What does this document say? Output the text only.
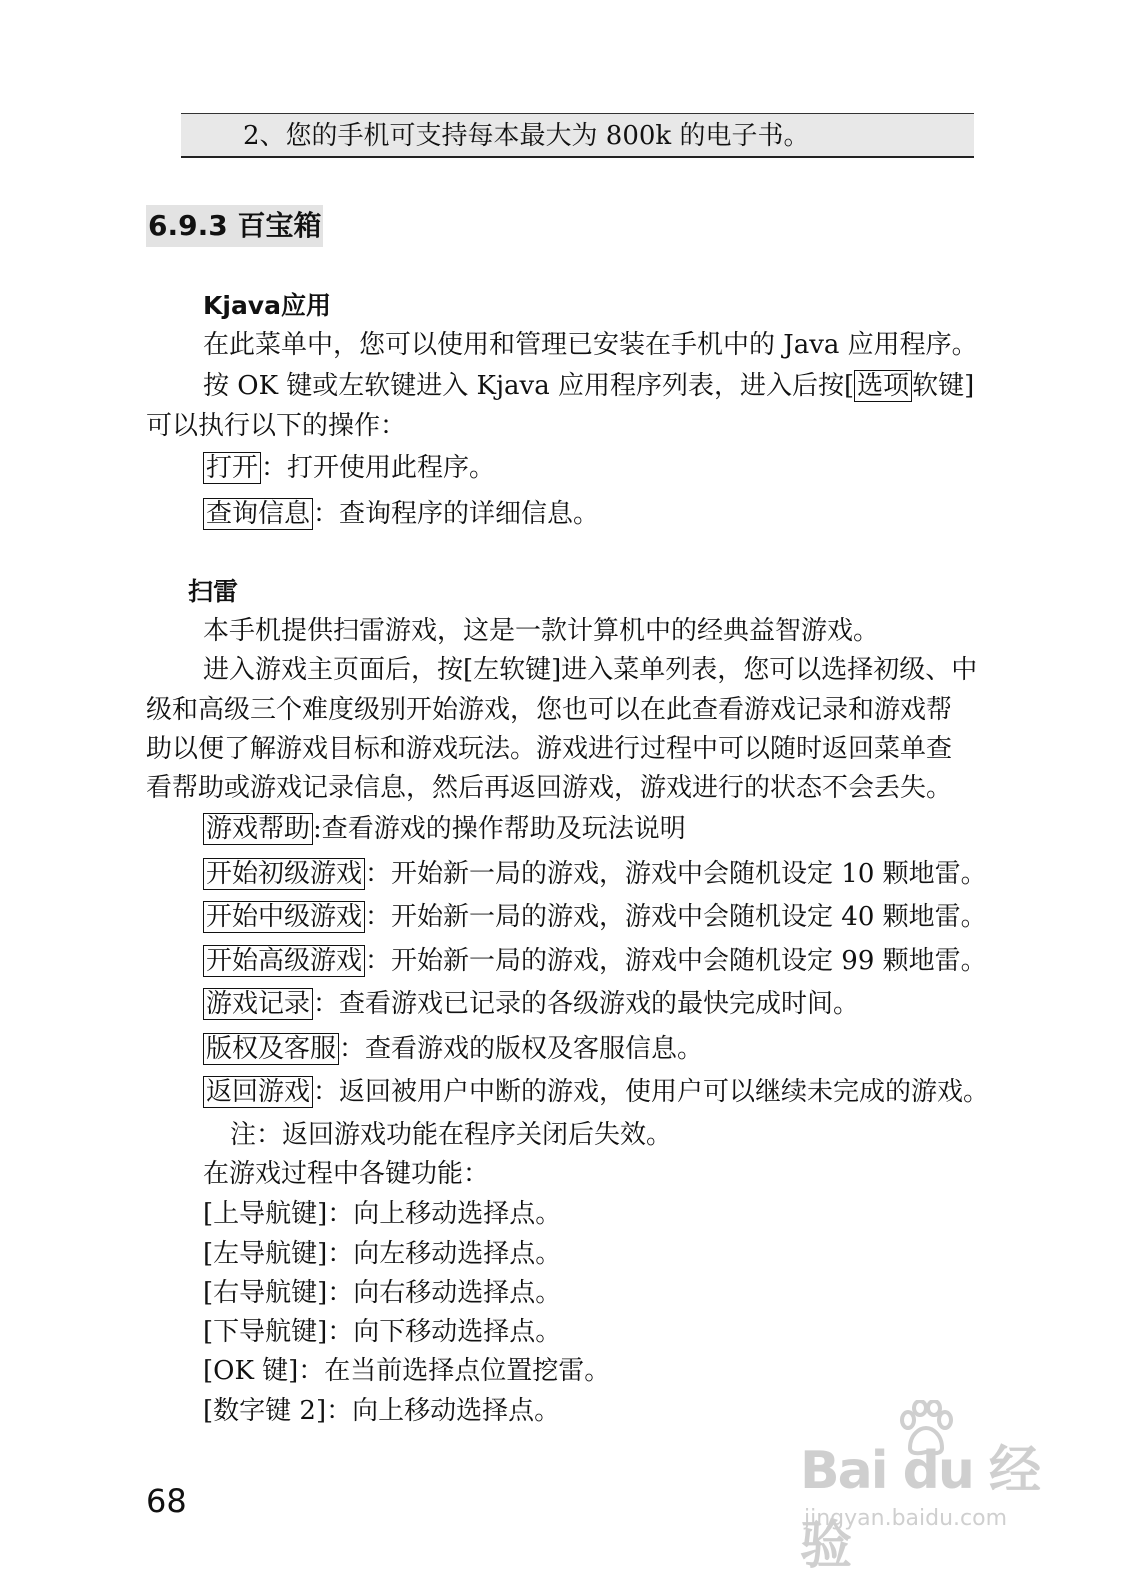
2、您的手机可支持每本最大为 800k 的电子书。
6.9.3 百宝箱
Kjava应用
在此菜单中，您可以使用和管理已安装在手机中的 Java 应用程序。
按 OK 键或左软键进入 Kjava 应用程序列表，进入后按[ 选项 软键]
可以执行以下的操作：
打开 ：打开使用此程序。
查询信息 ：查询程序的详细信息。
扫雷
本手机提供扫雷游戏，这是一款计算机中的经典益智游戏。
进入游戏主页面后，按[左软键]进入菜单列表，您可以选择初级、中
级和高级三个难度级别开始游戏，您也可以在此查看游戏记录和游戏帮
助以便了解游戏目标和游戏玩法。游戏进行过程中可以随时返回菜单查
看帮助或游戏记录信息，然后再返回游戏，游戏进行的状态不会丢失。
游戏帮助 :查看游戏的操作帮助及玩法说明
开始初级游戏 ：开始新一局的游戏，游戏中会随机设定 10 颗地雷。
开始中级游戏 ：开始新一局的游戏，游戏中会随机设定 40 颗地雷。
开始高级游戏 ：开始新一局的游戏，游戏中会随机设定 99 颗地雷。
游戏记录 ：查看游戏已记录的各级游戏的最快完成时间。
版权及客服 ：查看游戏的版权及客服信息。
返回游戏 ：返回被用户中断的游戏，使用户可以继续未完成的游戏。
注：返回游戏功能在程序关闭后失效。
在游戏过程中各键功能：
[上导航键]：向上移动选择点。
[左导航键]：向左移动选择点。
[右导航键]：向右移动选择点。
[下导航键]：向下移动选择点。
[OK 键]：在当前选择点位置挖雷。
[数字键 2]：向上移动选择点。
68	Bai du 经验
jingyan.baidu.com
